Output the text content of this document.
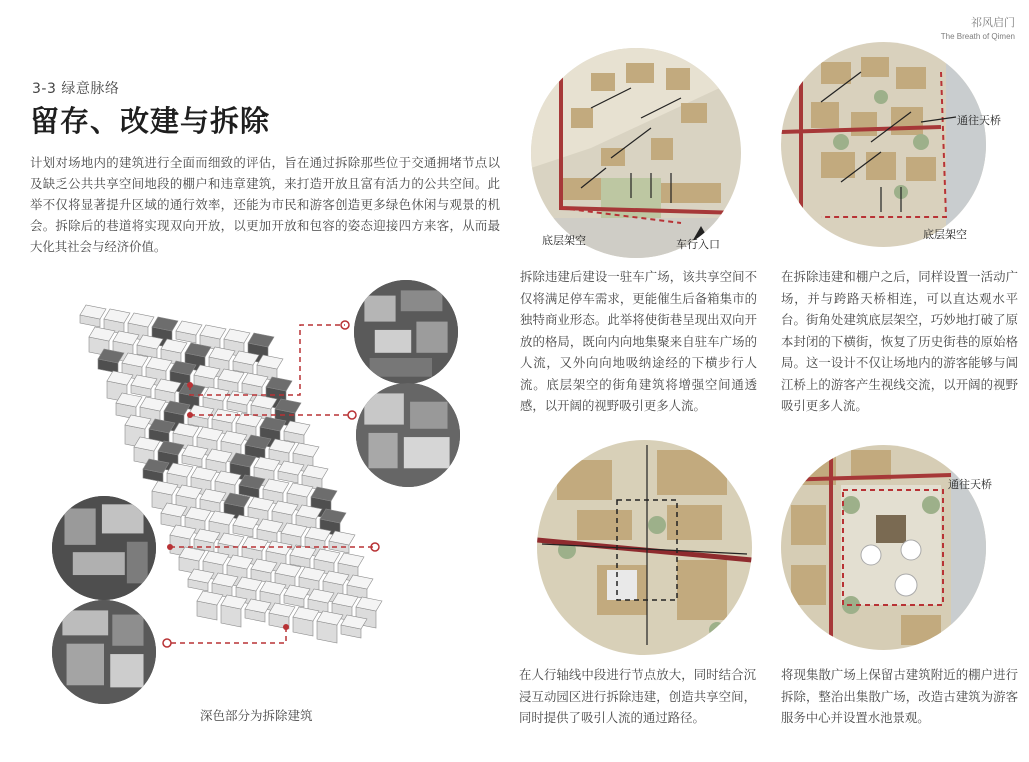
祁风启门
The Breath of Qimen
3-3 绿意脉络
留存、改建与拆除
计划对场地内的建筑进行全面而细致的评估，旨在通过拆除那些位于交通拥堵节点以及缺乏公共共享空间地段的棚户和违章建筑，来打造开放且富有活力的公共空间。此举不仅将显著提升区域的通行效率，还能为市民和游客创造更多绿色休闲与观景的机会。拆除后的巷道将实现双向开放，以更加开放和包容的姿态迎接四方来客，从而最大化其社会与经济价值。
深色部分为拆除建筑
底层架空	车行入口
拆除违建后建设一驻车广场，该共享空间不仅将满足停车需求，更能催生后备箱集市的独特商业形态。此举将使街巷呈现出双向开放的格局，既向内向地集聚来自驻车广场的人流，又外向向地吸纳途经的下横步行人流。底层架空的街角建筑将增强空间通透感，以开阔的视野吸引更多人流。
通往天桥
底层架空
在拆除违建和棚户之后，同样设置一活动广场，并与跨路天桥相连，可以直达观水平台。街角处建筑底层架空，巧妙地打破了原本封闭的下横街，恢复了历史街巷的原始格局。这一设计不仅让场地内的游客能够与阊江桥上的游客产生视线交流，以开阔的视野吸引更多人流。
在人行轴线中段进行节点放大，同时结合沉浸互动园区进行拆除违建，创造共享空间，同时提供了吸引人流的通过路径。
通往天桥
将现集散广场上保留古建筑附近的棚户进行拆除，整治出集散广场，改造古建筑为游客服务中心并设置水池景观。
